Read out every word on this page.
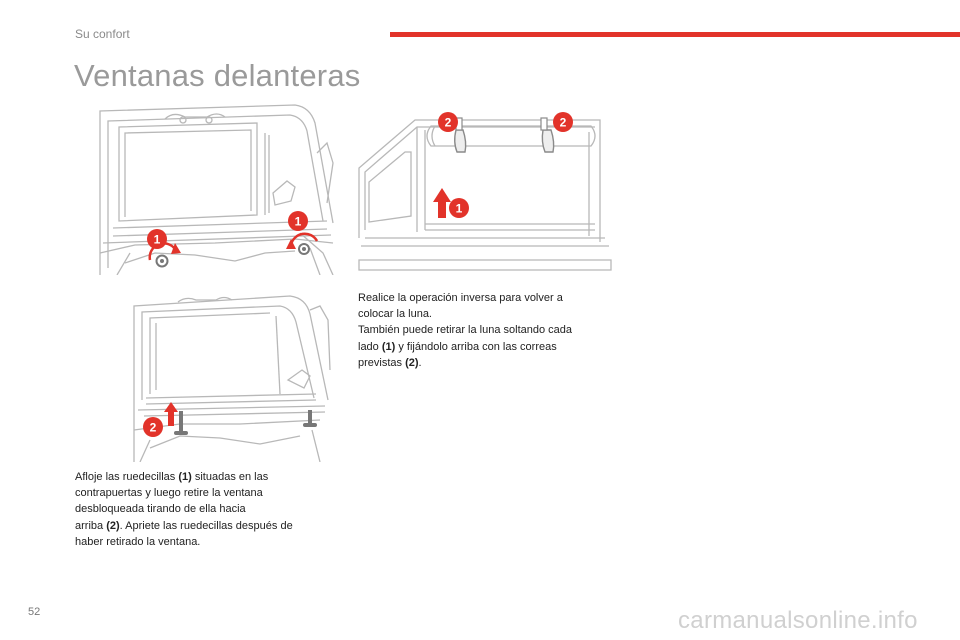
Su confort
Ventanas delanteras
1
1
2
2	2
1
Afloje las ruedecillas (1) situadas en las
contrapuertas y luego retire la ventana
desbloqueada tirando de ella hacia
arriba (2). Apriete las ruedecillas después de
haber retirado la ventana.
Realice la operación inversa para volver a
colocar la luna.
También puede retirar la luna soltando cada
lado (1) y fijándolo arriba con las correas
previstas (2).
52	carmanualsonline.info
